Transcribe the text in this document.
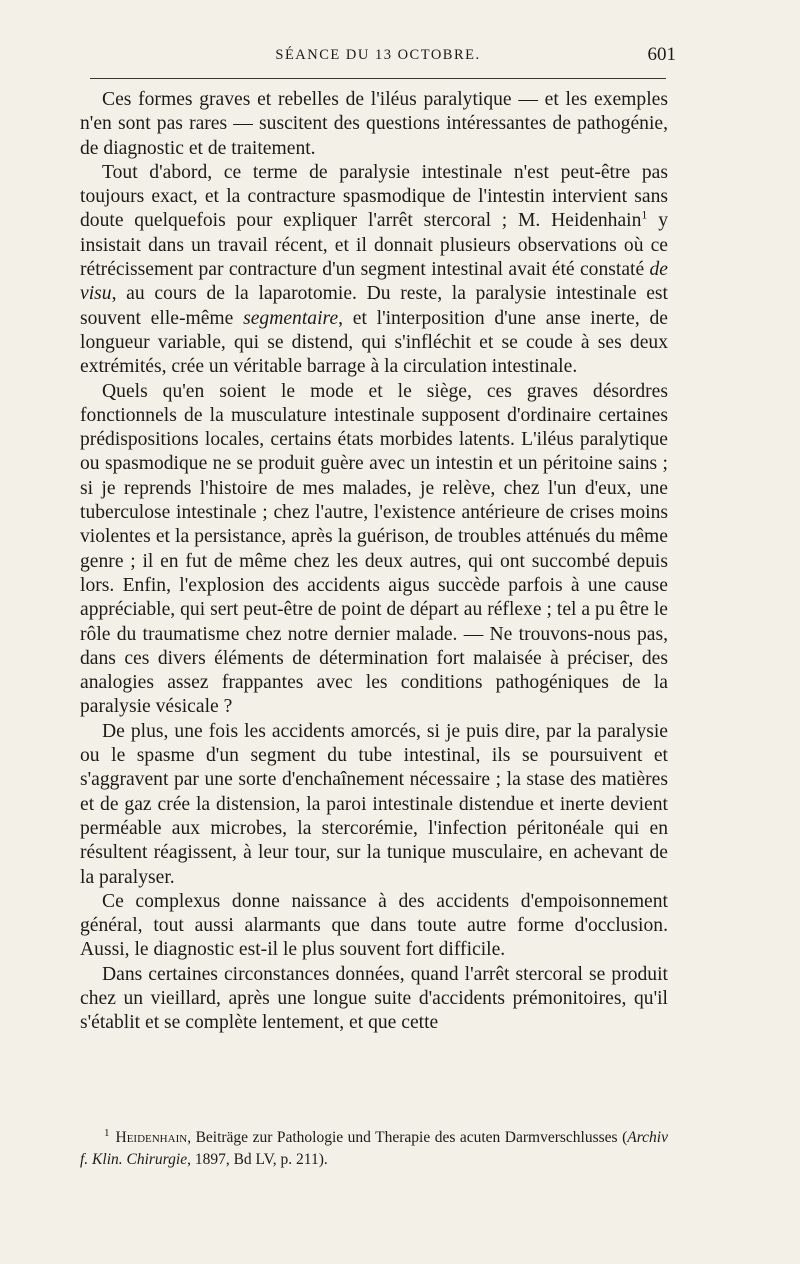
SÉANCE DU 13 OCTOBRE.	601

Ces formes graves et rebelles de l'iléus paralytique — et les exemples n'en sont pas rares — suscitent des questions intéressantes de pathogénie, de diagnostic et de traitement.

Tout d'abord, ce terme de paralysie intestinale n'est peut-être pas toujours exact, et la contracture spasmodique de l'intestin intervient sans doute quelquefois pour expliquer l'arrêt stercoral ; M. Heidenhain$^1$ y insistait dans un travail récent, et il donnait plusieurs observations où ce rétrécissement par contracture d'un segment intestinal avait été constaté de visu, au cours de la laparotomie. Du reste, la paralysie intestinale est souvent elle-même segmentaire, et l'interposition d'une anse inerte, de longueur variable, qui se distend, qui s'infléchit et se coude à ses deux extrémités, crée un véritable barrage à la circulation intestinale.

Quels qu'en soient le mode et le siège, ces graves désordres fonctionnels de la musculature intestinale supposent d'ordinaire certaines prédispositions locales, certains états morbides latents. L'iléus paralytique ou spasmodique ne se produit guère avec un intestin et un péritoine sains ; si je reprends l'histoire de mes malades, je relève, chez l'un d'eux, une tuberculose intestinale ; chez l'autre, l'existence antérieure de crises moins violentes et la persistance, après la guérison, de troubles atténués du même genre ; il en fut de même chez les deux autres, qui ont succombé depuis lors. Enfin, l'explosion des accidents aigus succède parfois à une cause appréciable, qui sert peut-être de point de départ au réflexe ; tel a pu être le rôle du traumatisme chez notre dernier malade. — Ne trouvons-nous pas, dans ces divers éléments de détermination fort malaisée à préciser, des analogies assez frappantes avec les conditions pathogéniques de la paralysie vésicale ?

De plus, une fois les accidents amorcés, si je puis dire, par la paralysie ou le spasme d'un segment du tube intestinal, ils se poursuivent et s'aggravent par une sorte d'enchaînement nécessaire ; la stase des matières et de gaz crée la distension, la paroi intestinale distendue et inerte devient perméable aux microbes, la stercorémie, l'infection péritonéale qui en résultent réagissent, à leur tour, sur la tunique musculaire, en achevant de la paralyser.

Ce complexus donne naissance à des accidents d'empoisonnement général, tout aussi alarmants que dans toute autre forme d'occlusion. Aussi, le diagnostic est-il le plus souvent fort difficile.

Dans certaines circonstances données, quand l'arrêt stercoral se produit chez un vieillard, après une longue suite d'accidents prémonitoires, qu'il s'établit et se complète lentement, et que cette

$^1$ Heidenhain, Beiträge zur Pathologie und Therapie des acuten Darmverschlusses (Archiv f. Klin. Chirurgie, 1897, Bd LV, p. 211).
